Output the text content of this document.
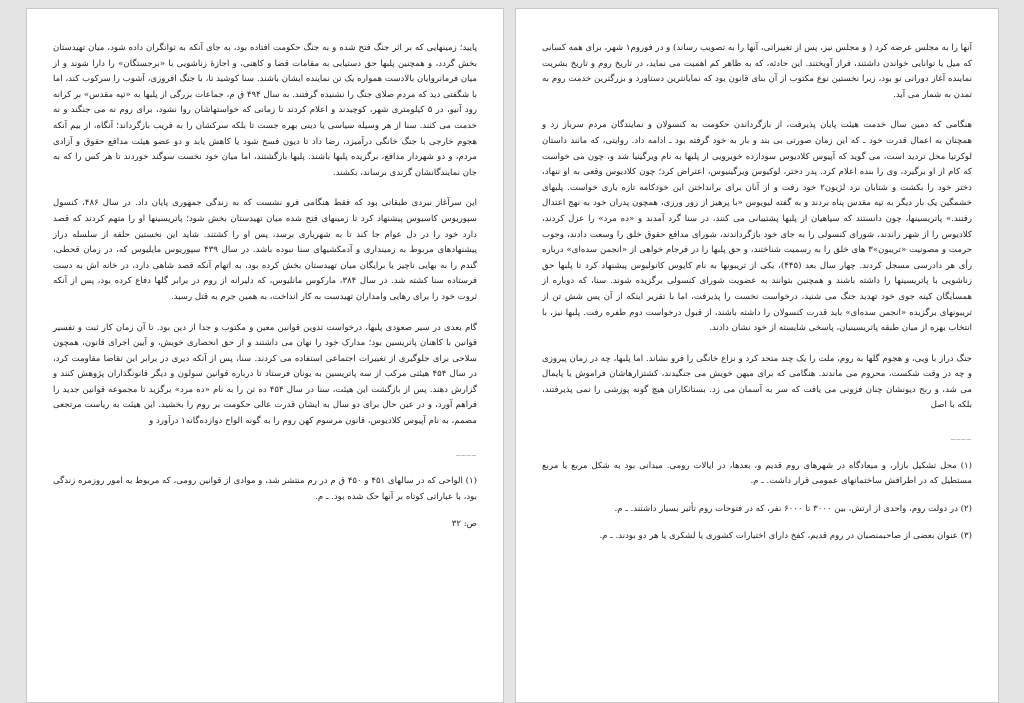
پایید؛ زمینهایی که بر اثر جنگ فتح شده و به جنگ حکومت افتاده بود، به جای آنکه به توانگران داده شود، میان تهیدستان بخش گردد، و همچنین پلبها حق دستیابی به مقامات قضا و کاهنی، و اجازهٔ زناشویی با «برجستگان» را دارا شوند و از میان فرمانروایان بالادست همواره یک تن نماینده ایشان باشند. سنا کوشید تا، با جنگ افروزی، آشوب را سرکوب کند، اما با شگفتی دید که مردم صلای جنگ را نشنیده گرفتند. به سال ۴۹۴ ق م، جماعات بزرگی از پلبها به «تپه مقدس» بر کرانه رود آنیو، در ۵ کیلومتری شهر، کوچیدند و اعلام کردند تا زمانی که خواستهاشان روا نشود، برای روم نه می جنگند و نه خدمت می کنند. سنا از هر وسیله سیاسی یا دینی بهره جست تا بلکه سرکشان را به فریب بازگرداند؛ آنگاه، از بیم آنکه هجوم خارجی با جنگ خانگی درآمیزد، رضا داد تا دیون فسخ شود یا کاهش یابد و دو عضو هیئت مدافع حقوق و آزادی مردم، و دو شهردار مدافع، برگزیده پلبها باشند. پلبها بازگشتند، اما میان خود نخست سوگند خوردند تا هر کس را که به جان نمایندگانشان گزندی برساند، بکشند.

این سرآغاز نبردی طبقاتی بود که فقط هنگامی فرو نشست که به زندگی جمهوری پایان داد. در سال ۴۸۶، کنسول سپوریوس کاسیوس پیشنهاد کرد تا زمینهای فتح شده میان تهیدستان بخش شود؛ پاتریسینها او را متهم کردند که قصد دارد خود را در دل عوام جا کند تا به شهریاری برسد، پس او را کشتند. شاید این نخستین حلقه از سلسله دراز پیشنهادهای مربوط به زمینداری و آدمکشیهای سنا نبوده باشد. در سال ۴۳۹ سپوریوس مایلیوس که، در زمان قحطی، گندم را به بهایی ناچیز یا برایگان میان تهیدستان بخش کرده بود، به اتهام آنکه قصد شاهی دارد، در خانه اش به دست فرستاده سنا کشته شد. در سال ۳۸۴، مارکوس مانلیوس، که دلیرانه از روم در برابر گلها دفاع کرده بود، پس از آنکه ثروت خود را برای رهایی وامداران تهیدست به کار انداخت، به همین جرم به قتل رسید.

گام بعدی در سیر صعودی پلبها، درخواست تدوین قوانین معین و مکتوب و جدا از دین بود. تا آن زمان کار ثبت و تفسیر قوانین با کاهنان پاتریسین بود؛ مدارک خود را نهان می داشتند و از حق انحصاری خویش، و آیین اجرای قانون، همچون سلاحی برای جلوگیری از تغییرات اجتماعی استفاده می کردند. سنا، پس از آنکه دیری در برابر این تقاضا مقاومت کرد، در سال ۴۵۴ هیئتی مرکب از سه پاتریسین به یونان فرستاد تا درباره قوانین سولون و دیگر قانونگذاران پژوهش کنند و گزارش دهند. پس از بازگشت این هیئت، سنا در سال ۴۵۴ ده تن را به نام «ده مرد» برگزید تا مجموعه قوانین جدید را فراهم آورد، و در عین حال برای دو سال به ایشان قدرت عالی حکومت بر روم را بخشید. این هیئت به ریاست مرتجعی مصمم، به نام آپیوس کلادیوس، قانون مرسوم کهن روم را به گونه الواح دوازده‌گانه۱ درآورد و

____

(۱) الواحی که در سالهای ۴۵۱ و ۴۵۰ ق م در رم منتشر شد، و موادی از قوانین رومی، که مربوط به امور روزمره زندگی بود، با عباراتی کوتاه بر آنها حک شده بود. ـ م.

ص: ۳۲

آنها را به مجلس عرضه کرد ( و مجلس نیز، پس از تغییراتی، آنها را به تصویب رساند) و در فوروم۱ شهر، برای همه کسانی که میل یا توانایی خواندن داشتند، فراز آویختند. این حادثه، که به ظاهر کم اهمیت می نماید، در تاریخ روم و تاریخ بشریت نماینده آغاز دورانی نو بود، زیرا نخستین نوع مکتوب از آن بنای قانون بود که نمایانترین دستاورد و بزرگترین خدمت روم به تمدن به شمار می آید.

هنگامی که دمین سال خدمت هیئت پایان پذیرفت، از بازگرداندن حکومت به کنسولان و نمایندگان مردم سرباز زد و همچنان به اعمال قدرت خود ـ که این زمان صورتی بی بند و بار به خود گرفته بود ـ ادامه داد. روایتی، که مانند داستان لوکرتیا محل تردید است، می گوید که آپیوس کلادیوس سودازده خویرویی از پلبها به نام ویرگینیا شد و، چون می خواست که کام از او برگیرد، وی را بنده اعلام کرد. پدر دختر، لوکیوس ویرگینیوس، اعتراض کرد؛ چون کلادیوس وقعی به او ننهاد، دختر خود را بکشت و شتابان نزد لژیون۲ خود رفت و از آنان برای برانداختن این خودکامه تازه یاری خواست. پلبهای خشمگین یک بار دیگر به تپه مقدس پناه بردند و به گفته لیویوس «با پرهیز از زور ورزی، همچون پدران خود به نهج اعتدال رفتند.» پاتریسینها، چون دانستند که سپاهیان از پلبها پشتیبانی می کنند، در سنا گرد آمدند و «ده مرد» را عزل کردند، کلادیوس را از شهر راندند، شورای کنسولی را به جای خود بازگرداندند، شورای مدافع حقوق خلق را وسعت دادند، وجوب حرمت و مصونیت «تریبون»۳ های خلق را به رسمیت شناختند، و حق پلبها را در فرجام خواهی از «انجمن سده‌ای» درباره رأی هر دادرسی مسجل کردند. چهار سال بعد (۴۴۵)، یکی از تریبونها به نام کاپوس کانولیوس پیشنهاد کرد تا پلبها حق زناشویی با پاتریسینها را داشته باشند و همچنین بتوانند به عضویت شورای کنسولی برگزیده شوند. سنا، که دوباره از همسایگان کینه جوی خود تهدید جنگ می شنید، درخواست نخست را پذیرفت، اما با تقریر اینکه از آن پس شش تن از تریبونهای برگزیده «انجمن سده‌ای» باید قدرت کنسولان را داشته باشند، از قبول درخواست دوم طفره رفت. پلبها نیز، با انتخاب بهره از میان طبقه پاتریسینیان، پاسخی شایسته از خود نشان دادند.

جنگ دراز با ویی، و هجوم گلها به روم، ملت را یک چند متحد کرد و نزاع خانگی را فرو نشاند. اما پلبها، چه در زمان پیروزی و چه در وقت شکست، محروم می ماندند. هنگامی که برای میهن خویش می جنگیدند، کشتزارهاشان فراموش یا پایمال می شد، و ربح دیونشان چنان فزونی می یافت که سر به آسمان می زد. بستانکاران هیچ گونه پوزشی را نمی پذیرفتند، بلکه با اصل

____

(۱) محل تشکیل بازار، و میعادگاه در شهرهای روم قدیم و، بعدها، در ایالات رومی. میدانی بود به شکل مربع یا مربع مستطیل که در اطرافش ساختمانهای عمومی قرار داشت. ـ م.

(۲) در دولت روم، واحدی از ارتش، بین ۳۰۰۰ تا ۶۰۰۰ نفر، که در فتوحات روم تأثیر بسیار داشتند. ـ م.

(۳) عنوان بعضی از صاحبمنصبان در روم قدیم، کفخ دارای اختیارات کشوری یا لشکری یا هر دو بودند. ـ م.
